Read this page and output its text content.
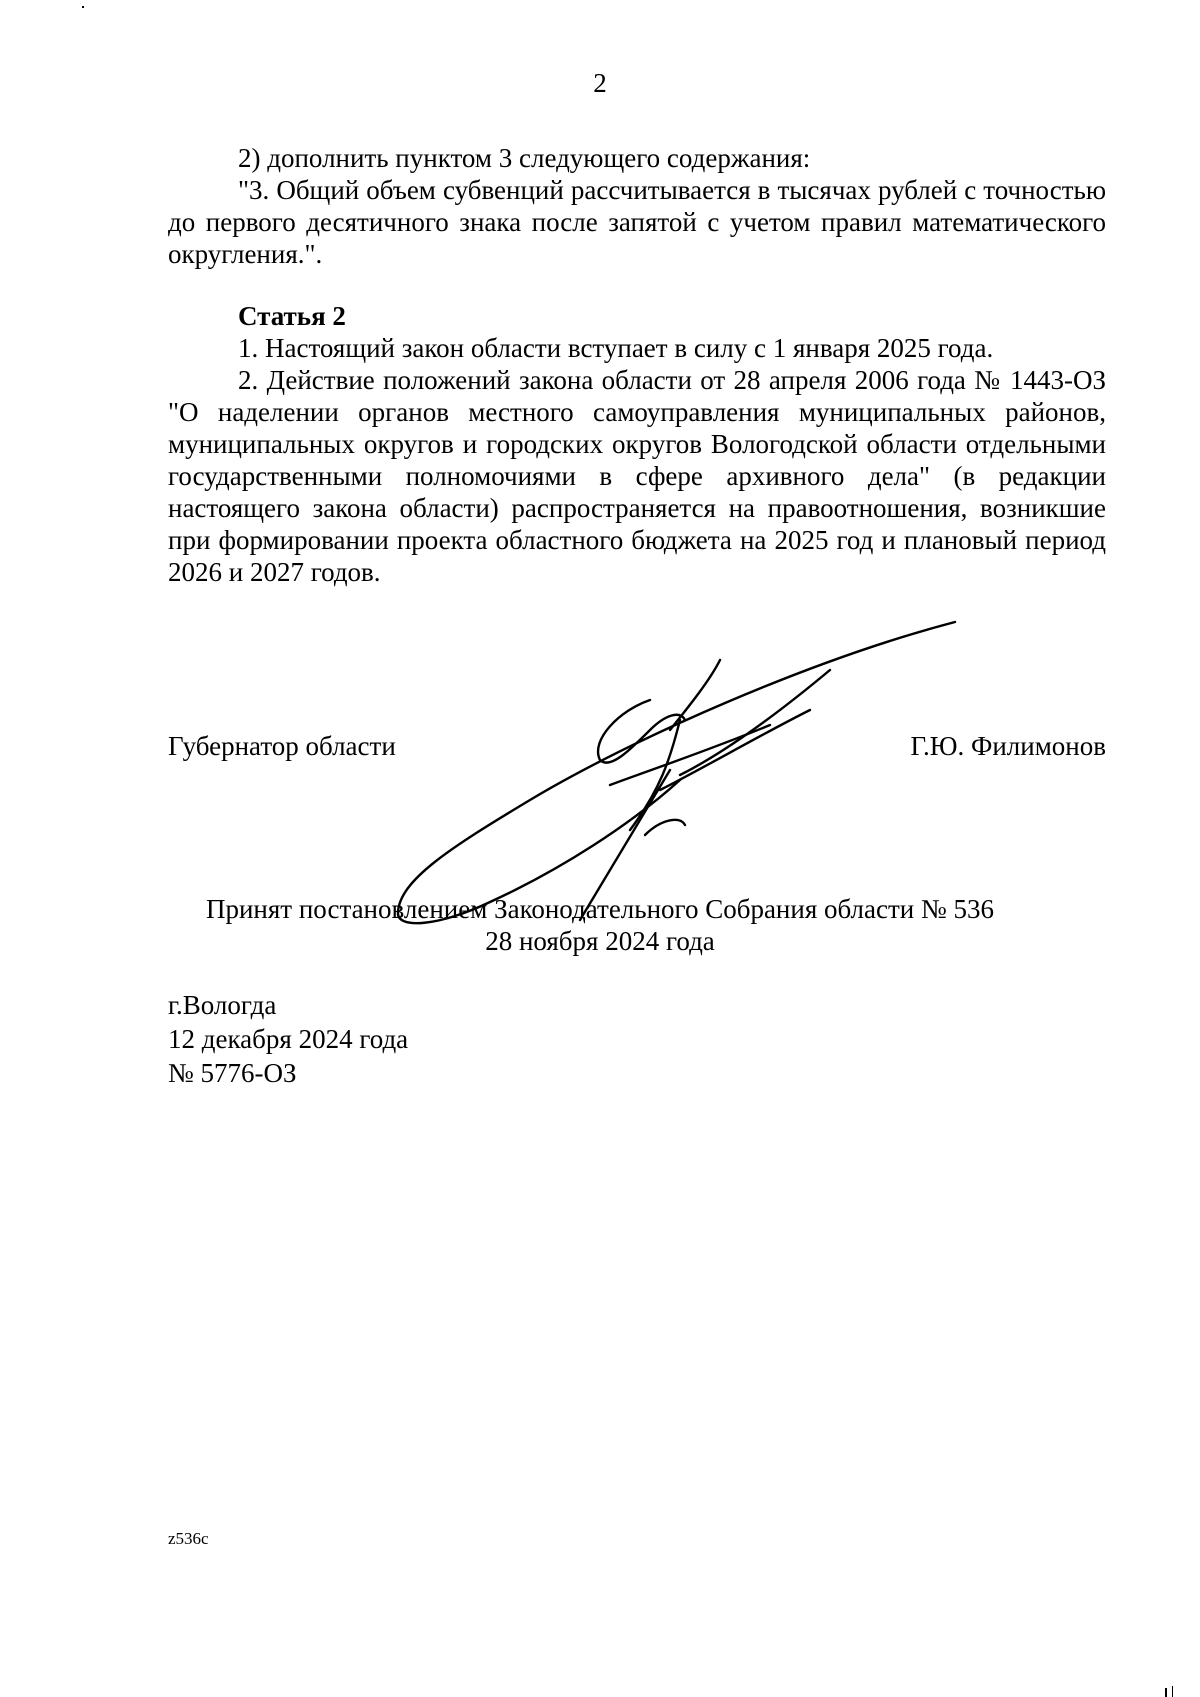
2

2) дополнить пунктом 3 следующего содержания:

"3. Общий объем субвенций рассчитывается в тысячах рублей с точностью до первого десятичного знака после запятой с учетом правил математического округления.".

Статья 2

1. Настоящий закон области вступает в силу с 1 января 2025 года.

2. Действие положений закона области от 28 апреля 2006 года № 1443-ОЗ "О наделении органов местного самоуправления муниципальных районов, муниципальных округов и городских округов Вологодской области отдельными государственными полномочиями в сфере архивного дела" (в редакции настоящего закона области) распространяется на правоотношения, возникшие при формировании проекта областного бюджета на 2025 год и плановый период 2026 и 2027 годов.

Губернатор области	Г.Ю. Филимонов
Принят постановлением Законодательного Собрания области № 536
28 ноября 2024 года
г.Вологда
12 декабря 2024 года
№ 5776-ОЗ
z536c
